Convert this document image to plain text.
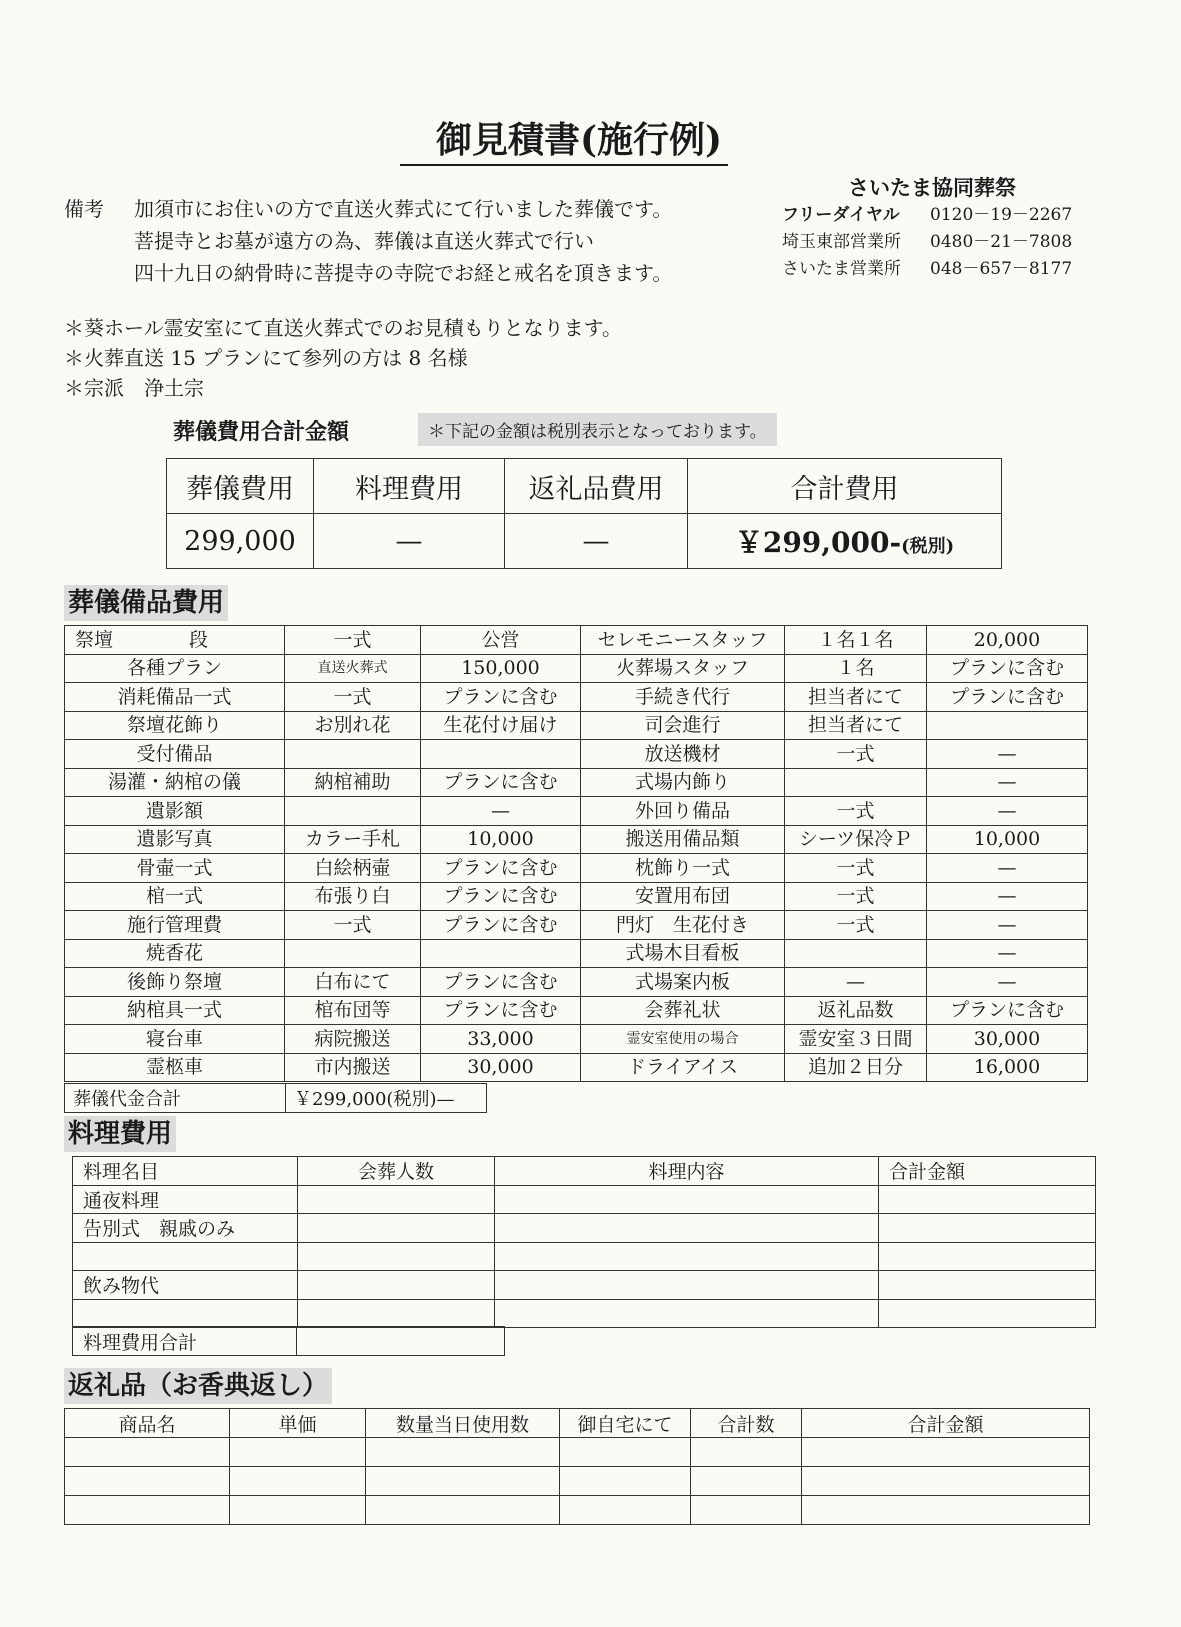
御見積書(施行例)
さいたま協同葬祭
フリーダイヤル 0120－19－2267
埼玉東部営業所 0480－21－7808
さいたま営業所 048－657－8177
備考 加須市にお住いの方で直送火葬式にて行いました葬儀です。
菩提寺とお墓が遠方の為、葬儀は直送火葬式で行い
四十九日の納骨時に菩提寺の寺院でお経と戒名を頂きます。
＊葵ホール霊安室にて直送火葬式でのお見積もりとなります。
＊火葬直送 15 プランにて参列の方は 8 名様
＊宗派　浄土宗
葬儀費用合計金額	＊下記の金額は税別表示となっております。
葬儀費用	料理費用	返礼品費用	合計費用
299,000	—	—	￥299,000-(税別)
葬儀備品費用
祭壇　　　　段	一式	公営	セレモニースタッフ	１名１名	20,000
各種プラン	直送火葬式	150,000	火葬場スタッフ	１名	プランに含む
消耗備品一式	一式	プランに含む	手続き代行	担当者にて	プランに含む
祭壇花飾り	お別れ花	生花付け届け	司会進行	担当者にて	
受付備品			放送機材	一式	—
湯灌・納棺の儀	納棺補助	プランに含む	式場内飾り		—
遺影額		—	外回り備品	一式	—
遺影写真	カラー手札	10,000	搬送用備品類	シーツ保冷Ｐ	10,000
骨壷一式	白絵柄壷	プランに含む	枕飾り一式	一式	—
棺一式	布張り白	プランに含む	安置用布団	一式	—
施行管理費	一式	プランに含む	門灯　生花付き	一式	—
焼香花			式場木目看板		—
後飾り祭壇	白布にて	プランに含む	式場案内板	—	—
納棺具一式	棺布団等	プランに含む	会葬礼状	返礼品数	プランに含む
寝台車	病院搬送	33,000	霊安室使用の場合	霊安室３日間	30,000
霊柩車	市内搬送	30,000	ドライアイス	追加２日分	16,000
葬儀代金合計	￥299,000(税別)—
料理費用
料理名目	会葬人数	料理内容	合計金額
通夜料理			
告別式　親戚のみ			

飲み物代			

料理費用合計	
返礼品（お香典返し）
商品名	単価	数量当日使用数	御自宅にて	合計数	合計金額
